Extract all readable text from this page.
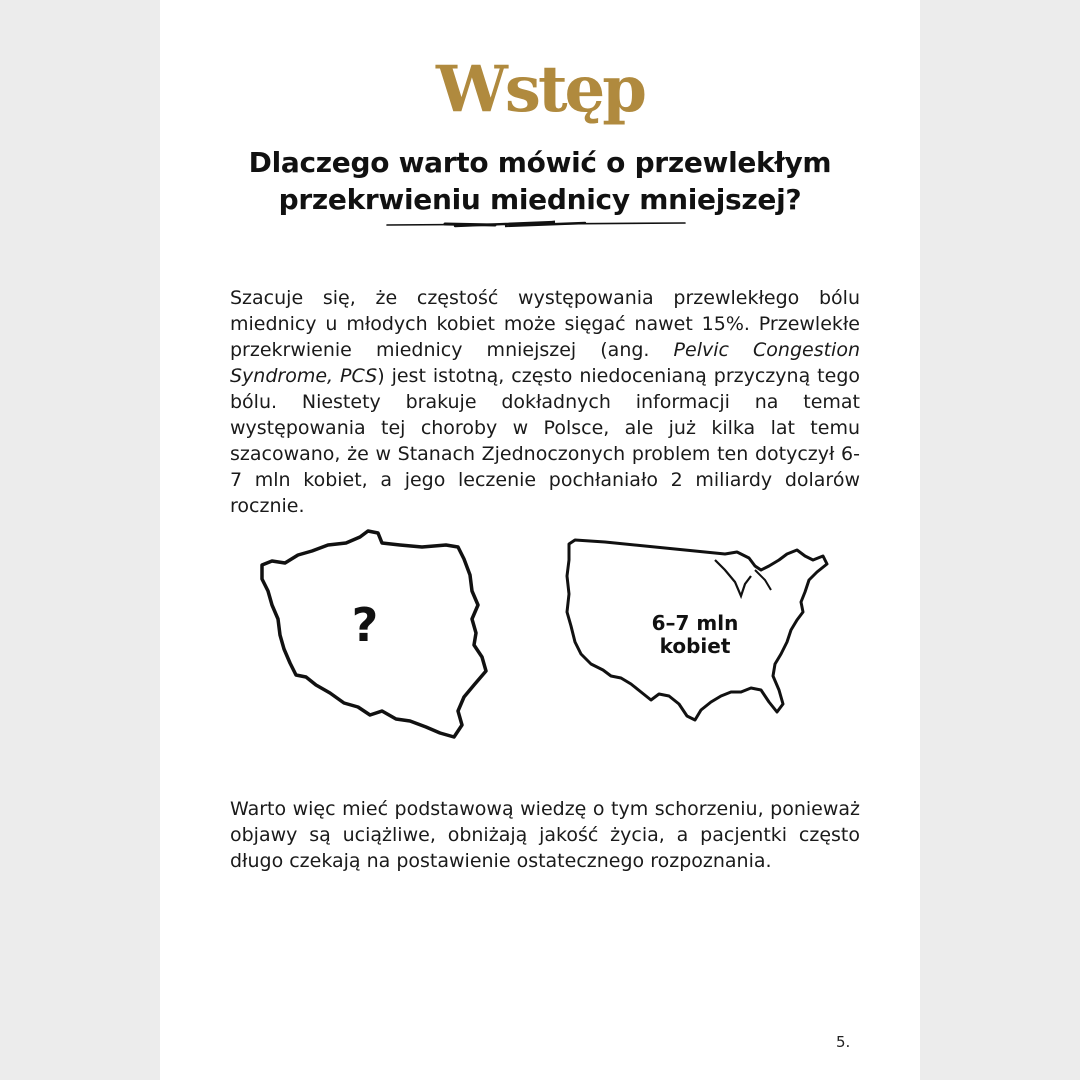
Wstęp
Dlaczego warto mówić o przewlekłym
przekrwieniu miednicy mniejszej?

Szacuje się, że częstość występowania przewlekłego bólu miednicy u młodych kobiet może sięgać nawet 15%. Przewlekłe przekrwienie miednicy mniejszej (ang. Pelvic Congestion Syndrome, PCS) jest istotną, często niedocenianą przyczyną tego bólu. Niestety brakuje dokładnych informacji na temat występowania tej choroby w Polsce, ale już kilka lat temu szacowano, że w Stanach Zjednoczonych problem ten dotyczył 6-7 mln kobiet, a jego leczenie pochłaniało 2 miliardy dolarów rocznie.

?	6–7 mln
kobiet

Warto więc mieć podstawową wiedzę o tym schorzeniu, ponieważ objawy są uciążliwe, obniżają jakość życia, a pacjentki często długo czekają na postawienie ostatecznego rozpoznania.

5.
